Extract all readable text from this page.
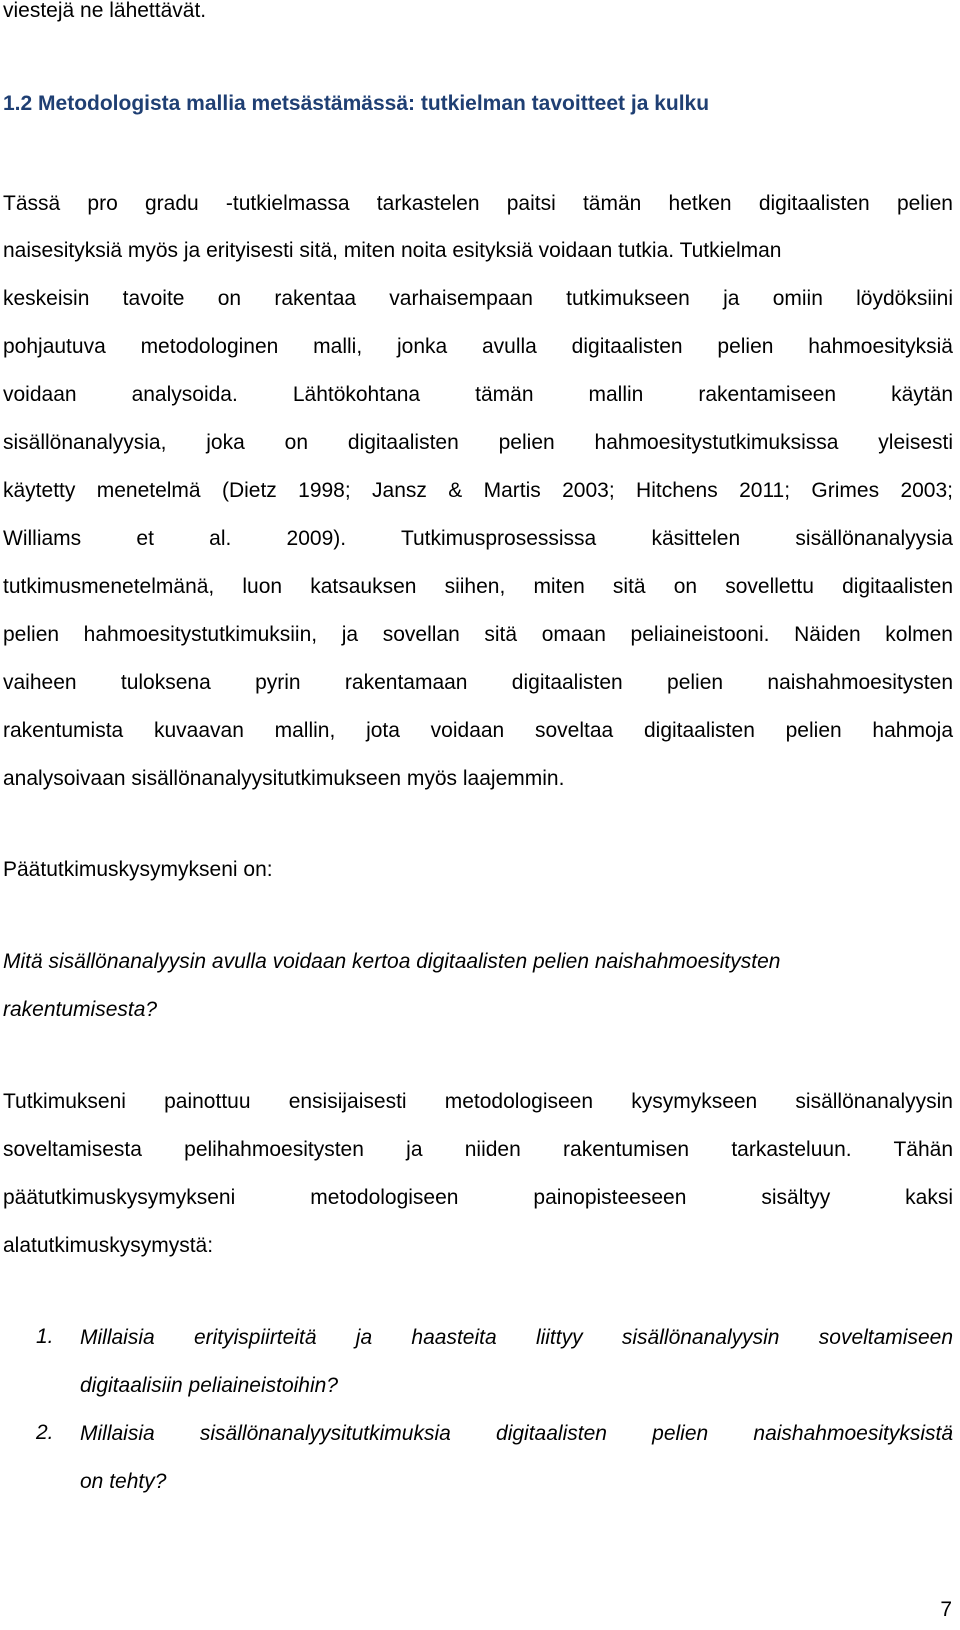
viestejä ne lähettävät.
1.2 Metodologista mallia metsästämässä: tutkielman tavoitteet ja kulku
Tässä pro gradu -tutkielmassa tarkastelen paitsi tämän hetken digitaalisten pelien
naisesityksiä myös ja erityisesti sitä, miten noita esityksiä voidaan tutkia. Tutkielman
keskeisin tavoite on rakentaa varhaisempaan tutkimukseen ja omiin löydöksiini
pohjautuva metodologinen malli, jonka avulla digitaalisten pelien hahmoesityksiä
voidaan analysoida. Lähtökohtana tämän mallin rakentamiseen käytän
sisällönanalyysia, joka on digitaalisten pelien hahmoesitystutkimuksissa yleisesti
käytetty menetelmä (Dietz 1998; Jansz & Martis 2003; Hitchens 2011; Grimes 2003;
Williams et al. 2009). Tutkimusprosessissa käsittelen sisällönanalyysia
tutkimusmenetelmänä, luon katsauksen siihen, miten sitä on sovellettu digitaalisten
pelien hahmoesitystutkimuksiin, ja sovellan sitä omaan peliaineistooni. Näiden kolmen
vaiheen tuloksena pyrin rakentamaan digitaalisten pelien naishahmoesitysten
rakentumista kuvaavan mallin, jota voidaan soveltaa digitaalisten pelien hahmoja
analysoivaan sisällönanalyysitutkimukseen myös laajemmin.
Päätutkimuskysymykseni on:
Mitä sisällönanalyysin avulla voidaan kertoa digitaalisten pelien naishahmoesitysten
rakentumisesta?
Tutkimukseni painottuu ensisijaisesti metodologiseen kysymykseen sisällönanalyysin
soveltamisesta pelihahmoesitysten ja niiden rakentumisen tarkasteluun. Tähän
päätutkimuskysymykseni metodologiseen painopisteeseen sisältyy kaksi
alatutkimuskysymystä:
1. Millaisia erityispiirteitä ja haasteita liittyy sisällönanalyysin soveltamiseen
digitaalisiin peliaineistoihin?
2. Millaisia sisällönanalyysitutkimuksia digitaalisten pelien naishahmoesityksistä
on tehty?
7
